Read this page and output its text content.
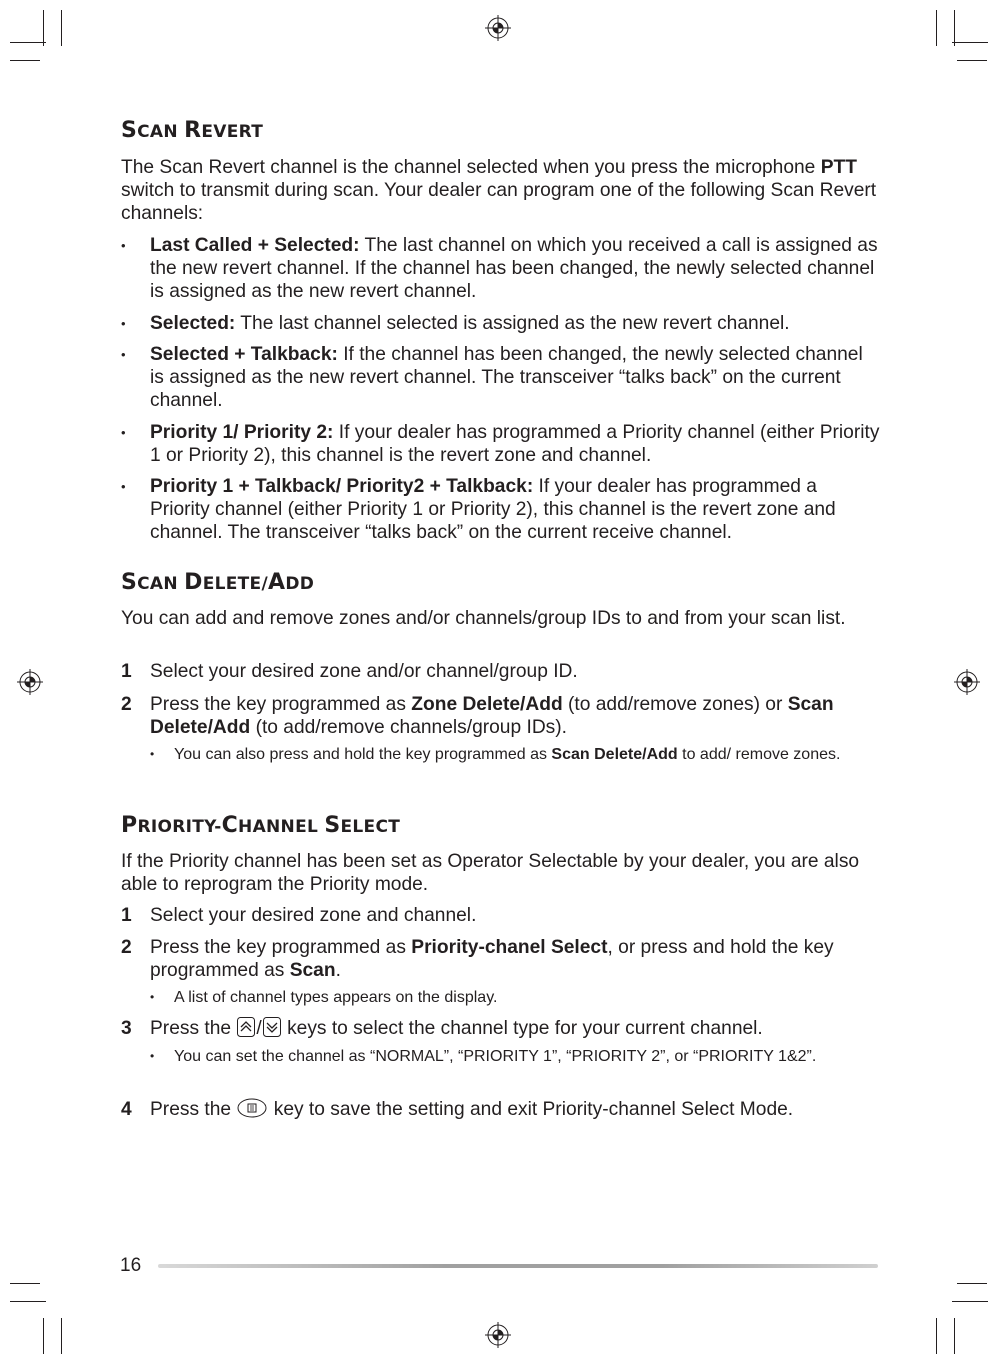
SCAN REVERT

The Scan Revert channel is the channel selected when you press the microphone PTT switch to transmit during scan. Your dealer can program one of the following Scan Revert channels:

•	Last Called + Selected: The last channel on which you received a call is assigned as the new revert channel. If the channel has been changed, the newly selected channel is assigned as the new revert channel.
•	Selected: The last channel selected is assigned as the new revert channel.
•	Selected + Talkback: If the channel has been changed, the newly selected channel is assigned as the new revert channel. The transceiver “talks back” on the current channel.
•	Priority 1/ Priority 2: If your dealer has programmed a Priority channel (either Priority 1 or Priority 2), this channel is the revert zone and channel.
•	Priority 1 + Talkback/ Priority2 + Talkback: If your dealer has programmed a Priority channel (either Priority 1 or Priority 2), this channel is the revert zone and channel. The transceiver “talks back” on the current receive channel.
SCAN DELETE/ADD

You can add and remove zones and/or channels/group IDs to and from your scan list.

1 Select your desired zone and/or channel/group ID.
2 Press the key programmed as Zone Delete/Add (to add/remove zones) or Scan Delete/Add (to add/remove channels/group IDs).
• You can also press and hold the key programmed as Scan Delete/Add to add/ remove zones.
PRIORITY-CHANNEL SELECT

If the Priority channel has been set as Operator Selectable by your dealer, you are also able to reprogram the Priority mode.

1 Select your desired zone and channel.
2 Press the key programmed as Priority-chanel Select, or press and hold the key programmed as Scan.
• A list of channel types appears on the display.
3 Press the / keys to select the channel type for your current channel.
• You can set the channel as “NORMAL”, “PRIORITY 1”, “PRIORITY 2”, or “PRIORITY 1&2”.
4 Press the  key to save the setting and exit Priority-channel Select Mode.
16
